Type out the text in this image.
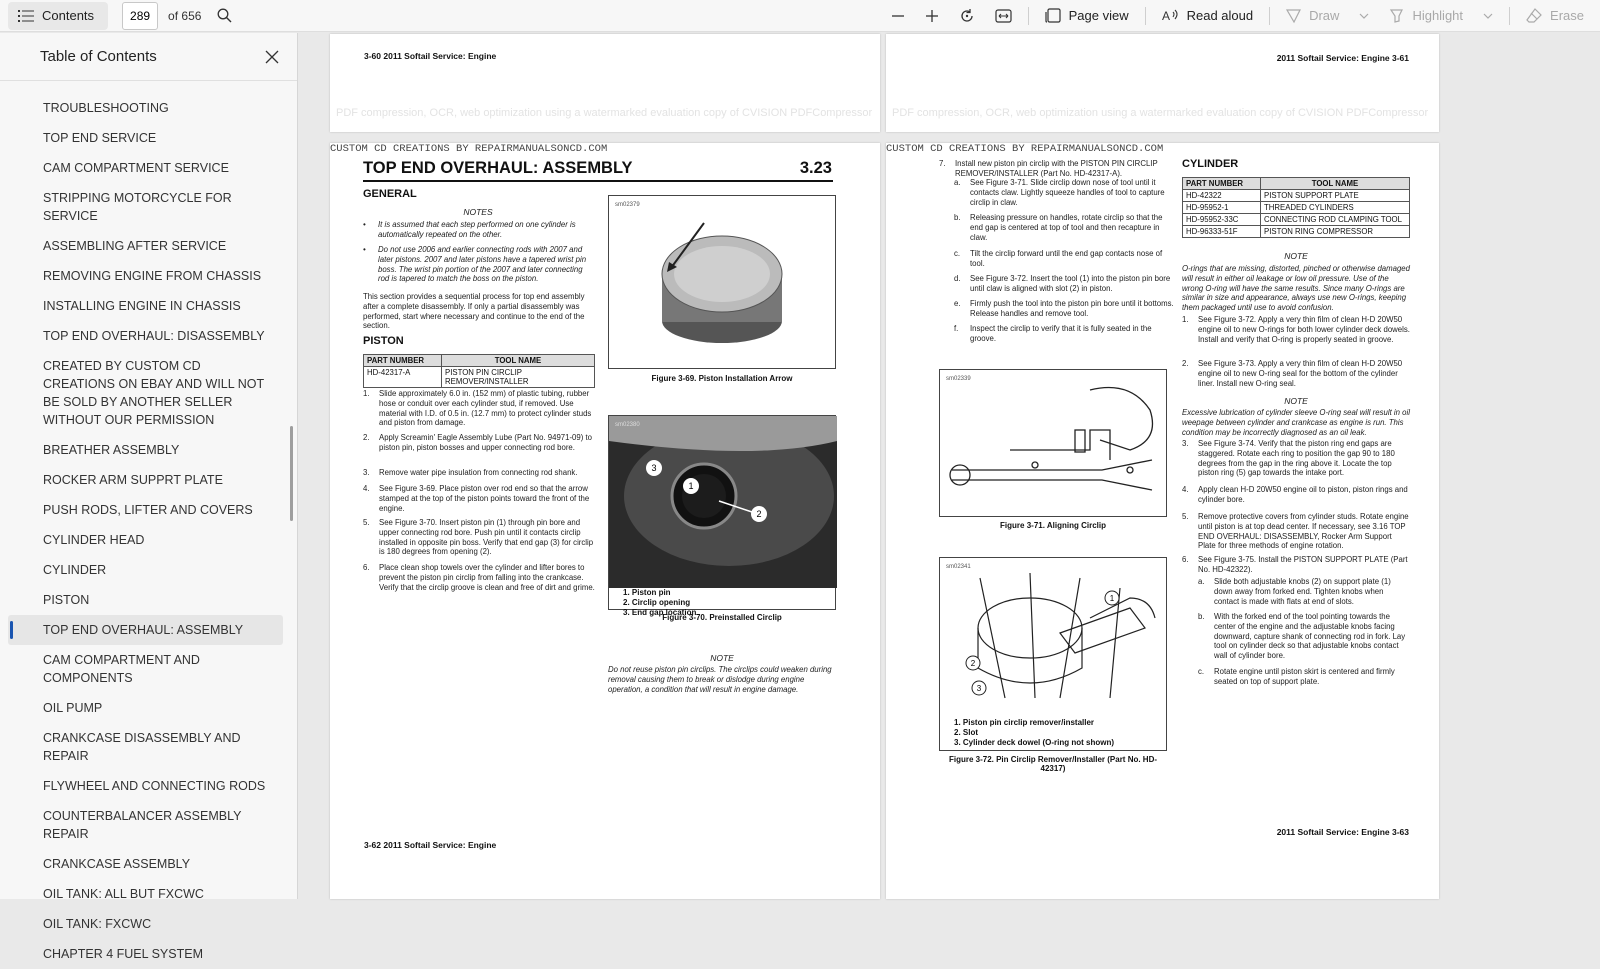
Contents
289	of 656	Page view	A Read aloud	Draw	Highlight	Erase
Table of Contents
TROUBLESHOOTING
TOP END SERVICE
CAM COMPARTMENT SERVICE
STRIPPING MOTORCYCLE FOR SERVICE
ASSEMBLING AFTER SERVICE
REMOVING ENGINE FROM CHASSIS
INSTALLING ENGINE IN CHASSIS
TOP END OVERHAUL: DISASSEMBLY
CREATED BY CUSTOM CD CREATIONS ON EBAY AND WILL NOT BE SOLD BY ANOTHER SELLER WITHOUT OUR PERMISSION
BREATHER ASSEMBLY
ROCKER ARM SUPPRT PLATE
PUSH RODS, LIFTER AND COVERS
CYLINDER HEAD
CYLINDER
PISTON
TOP END OVERHAUL: ASSEMBLY
CAM COMPARTMENT AND COMPONENTS
OIL PUMP
CRANKCASE DISASSEMBLY AND REPAIR
FLYWHEEL AND CONNECTING RODS
COUNTERBALANCER ASSEMBLY REPAIR
CRANKCASE ASSEMBLY
OIL TANK: ALL BUT FXCWC
OIL TANK: FXCWC
CHAPTER 4 FUEL SYSTEM
3-60 2011 Softail Service: Engine
PDF compression, OCR, web optimization using a watermarked evaluation copy of CVISION PDFCompressor
2011 Softail Service: Engine 3-61
PDF compression, OCR, web optimization using a watermarked evaluation copy of CVISION PDFCompressor
CUSTOM CD CREATIONS BY REPAIRMANUALSONCD.COM
TOP END OVERHAUL: ASSEMBLY	3.23
GENERAL
NOTES
• It is assumed that each step performed on one cylinder is automatically repeated on the other.
• Do not use 2006 and earlier connecting rods with 2007 and later pistons. 2007 and later pistons have a tapered wrist pin boss. The wrist pin portion of the 2007 and later connecting rod is tapered to match the boss on the piston.
This section provides a sequential process for top end assembly after a complete disassembly. If only a partial disassembly was performed, start where necessary and continue to the end of the section.
PISTON
PART NUMBER	TOOL NAME
HD-42317-A	PISTON PIN CIRCLIP REMOVER/INSTALLER
1. Slide approximately 6.0 in. (152 mm) of plastic tubing, rubber hose or conduit over each cylinder stud, if removed. Use material with I.D. of 0.5 in. (12.7 mm) to protect cylinder studs and piston from damage.
2. Apply Screamin' Eagle Assembly Lube (Part No. 94971-09) to piston pin, piston bosses and upper connecting rod bore.
3. Remove water pipe insulation from connecting rod shank.
4. See Figure 3-69. Place piston over rod end so that the arrow stamped at the top of the piston points toward the front of the engine.
5. See Figure 3-70. Insert piston pin (1) through pin bore and upper connecting rod bore. Push pin until it contacts circlip installed in opposite pin boss. Verify that end gap (3) for circlip is 180 degrees from opening (2).
6. Place clean shop towels over the cylinder and lifter bores to prevent the piston pin circlip from falling into the crankcase. Verify that the circlip groove is clean and free of dirt and grime.
sm02379
Figure 3-69. Piston Installation Arrow
1
2
3
sm02380
1. Piston pin
2. Circlip opening
3. End gap location
Figure 3-70. Preinstalled Circlip
NOTE
Do not reuse piston pin circlips. The circlips could weaken during removal causing them to break or dislodge during engine operation, a condition that will result in engine damage.
3-62 2011 Softail Service: Engine
CUSTOM CD CREATIONS BY REPAIRMANUALSONCD.COM
7. Install new piston pin circlip with the PISTON PIN CIRCLIP REMOVER/INSTALLER (Part No. HD-42317-A).
a. See Figure 3-71. Slide circlip down nose of tool until it contacts claw. Lightly squeeze handles of tool to capture circlip in claw.
b. Releasing pressure on handles, rotate circlip so that the end gap is centered at top of tool and then recapture in claw.
c. Tilt the circlip forward until the end gap contacts nose of tool.
d. See Figure 3-72. Insert the tool (1) into the piston pin bore until claw is aligned with slot (2) in piston.
e. Firmly push the tool into the piston pin bore until it bottoms. Release handles and remove tool.
f. Inspect the circlip to verify that it is fully seated in the groove.
sm02339
Figure 3-71. Aligning Circlip
sm02341
1
2
3
1. Piston pin circlip remover/installer
2. Slot
3. Cylinder deck dowel (O-ring not shown)
Figure 3-72. Pin Circlip Remover/Installer (Part No. HD-42317)
CYLINDER
PART NUMBER	TOOL NAME
HD-42322	PISTON SUPPORT PLATE
HD-95952-1	THREADED CYLINDERS
HD-95952-33C	CONNECTING ROD CLAMPING TOOL
HD-96333-51F	PISTON RING COMPRESSOR
NOTE
O-rings that are missing, distorted, pinched or otherwise damaged will result in either oil leakage or low oil pressure. Use of the wrong O-ring will have the same results. Since many O-rings are similar in size and appearance, always use new O-rings, keeping them packaged until use to avoid confusion.
1. See Figure 3-72. Apply a very thin film of clean H-D 20W50 engine oil to new O-rings for both lower cylinder deck dowels. Install and verify that O-ring is properly seated in groove.
2. See Figure 3-73. Apply a very thin film of clean H-D 20W50 engine oil to new O-ring seal for the bottom of the cylinder liner. Install new O-ring seal.
NOTE
Excessive lubrication of cylinder sleeve O-ring seal will result in oil weepage between cylinder and crankcase as engine is run. This condition may be incorrectly diagnosed as an oil leak.
3. See Figure 3-74. Verify that the piston ring end gaps are staggered. Rotate each ring to position the gap 90 to 180 degrees from the gap in the ring above it. Locate the top piston ring (5) gap towards the intake port.
4. Apply clean H-D 20W50 engine oil to piston, piston rings and cylinder bore.
5. Remove protective covers from cylinder studs. Rotate engine until piston is at top dead center. If necessary, see 3.16 TOP END OVERHAUL: DISASSEMBLY, Rocker Arm Support Plate for three methods of engine rotation.
6. See Figure 3-75. Install the PISTON SUPPORT PLATE (Part No. HD-42322).
a. Slide both adjustable knobs (2) on support plate (1) down away from forked end. Tighten knobs when contact is made with flats at end of slots.
b. With the forked end of the tool pointing towards the center of the engine and the adjustable knobs facing downward, capture shank of connecting rod in fork. Lay tool on cylinder deck so that adjustable knobs contact wall of cylinder bore.
c. Rotate engine until piston skirt is centered and firmly seated on top of support plate.
2011 Softail Service: Engine 3-63
